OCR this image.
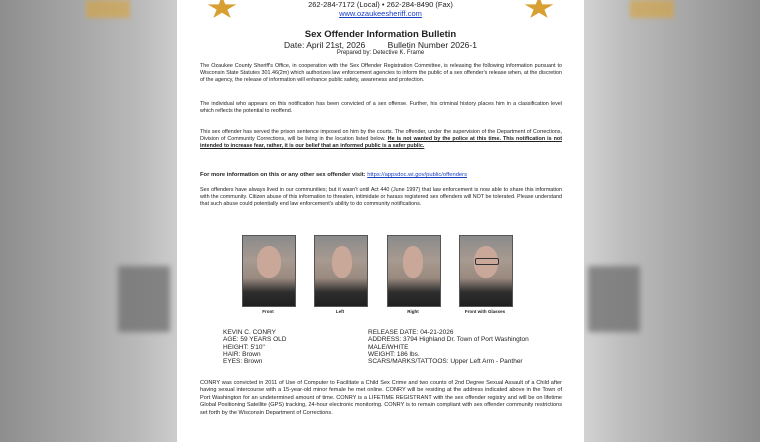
262-284-7172 (Local) • 262-284-8490 (Fax)
www.ozaukeesheriff.com
Sex Offender Information Bulletin
Date: April 21st, 2026	Bulletin Number 2026-1
Prepared by: Detective K. Frame
The Ozaukee County Sheriff's Office, in cooperation with the Sex Offender Registration Committee, is releasing the following information pursuant to Wisconsin State Statutes 301.46(2m) which authorizes law enforcement agencies to inform the public of a sex offender's release when, at the discretion of the agency, the release of information will enhance public safety, awareness and protection.
The individual who appears on this notification has been convicted of a sex offense. Further, his criminal history places him in a classification level which reflects the potential to reoffend.
This sex offender has served the prison sentence imposed on him by the courts. The offender, under the supervision of the Department of Corrections, Division of Community Corrections, will be living in the location listed below. He is not wanted by the police at this time. This notification is not intended to increase fear, rather, it is our belief that an informed public is a safer public.
For more information on this or any other sex offender visit: https://appsdoc.wi.gov/public/offenders
Sex offenders have always lived in our communities; but it wasn't until Act 440 (June 1997) that law enforcement is now able to share this information with the community. Citizen abuse of this information to threaten, intimidate or harass registered sex offenders will NOT be tolerated. Please understand that such abuse could potentially end law enforcement's ability to do community notifications.
Front	Left	Right	Front with Glasses
KEVIN C. CONRY
AGE: 59 YEARS OLD
HEIGHT: 5'10"
HAIR: Brown
EYES: Brown
RELEASE DATE: 04-21-2026
ADDRESS: 3794 Highland Dr. Town of Port Washington
MALE/WHITE
WEIGHT: 186 lbs.
SCARS/MARKS/TATTOOS: Upper Left Arm - Panther
CONRY was convicted in 2011 of Use of Computer to Facilitate a Child Sex Crime and two counts of 2nd Degree Sexual Assault of a Child after having sexual intercourse with a 15-year-old minor female he met online. CONRY will be residing at the address indicated above in the Town of Port Washington for an undetermined amount of time. CONRY is a LIFETIME REGISTRANT with the sex offender registry and will be on lifetime Global Positioning Satellite (GPS) tracking, 24-hour electronic monitoring. CONRY is to remain compliant with sex offender community restrictions set forth by the Wisconsin Department of Corrections.
